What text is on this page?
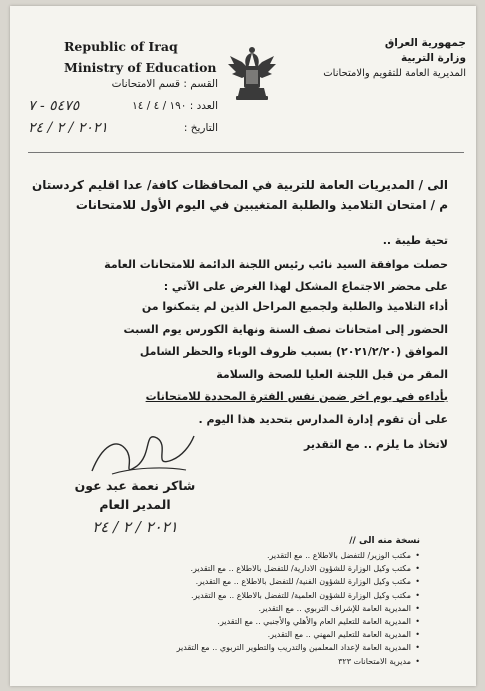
Republic of Iraq
Ministry of Education
جمهورية العراق
وزارة التربية
المديرية العامة للتقويم والامتحانات
القسم : قسم الامتحانات
العدد : ١٩٠ / ٤ / ١٤
٥٤٧٥ - ٧
التاريخ :
٢٠٢١ / ٢ / ٢٤
الى / المديريات العامة للتربية في المحافظات كافة/ عدا اقليم كردستان
م / امتحان التلاميذ والطلبة المتغيبين في اليوم الأول للامتحانات
تحية طيبة ..
حصلت موافقة السيد نائب رئيس اللجنة الدائمة للامتحانات العامة
على محضر الاجتماع المشكل لهذا الغرض على الآتي :
أداء التلاميذ والطلبة ولجميع المراحل الذين لم يتمكنوا من
الحضور إلى امتحانات نصف السنة ونهاية الكورس يوم السبت
الموافق (٢٠٢١/٢/٢٠) بسبب ظروف الوباء والحظر الشامل
المقر من قبل اللجنة العليا للصحة والسلامة
بأداءه في يوم اخر ضمن نفس الفترة المحددة للامتحانات
على أن تقوم إدارة المدارس بتحديد هذا اليوم .
لاتخاذ ما يلزم .. مع التقدير
شاكر نعمة عبد عون
المدير العام
٢٠٢١ / ٢ / ٢٤
نسخة منه الى //
• مكتب الوزير/ للتفضل بالاطلاع .. مع التقدير.
• مكتب وكيل الوزارة للشؤون الادارية/ للتفضل بالاطلاع .. مع التقدير.
• مكتب وكيل الوزارة للشؤون الفنية/ للتفضل بالاطلاع .. مع التقدير.
• مكتب وكيل الوزارة للشؤون العلمية/ للتفضل بالاطلاع .. مع التقدير.
• المديرية العامة للإشراف التربوي .. مع التقدير.
• المديرية العامة للتعليم العام والأهلي والأجنبي .. مع التقدير.
• المديرية العامة للتعليم المهني .. مع التقدير.
• المديرية العامة لإعداد المعلمين والتدريب والتطوير التربوي .. مع التقدير
• مديرية الامتحانات ٣٢٣
